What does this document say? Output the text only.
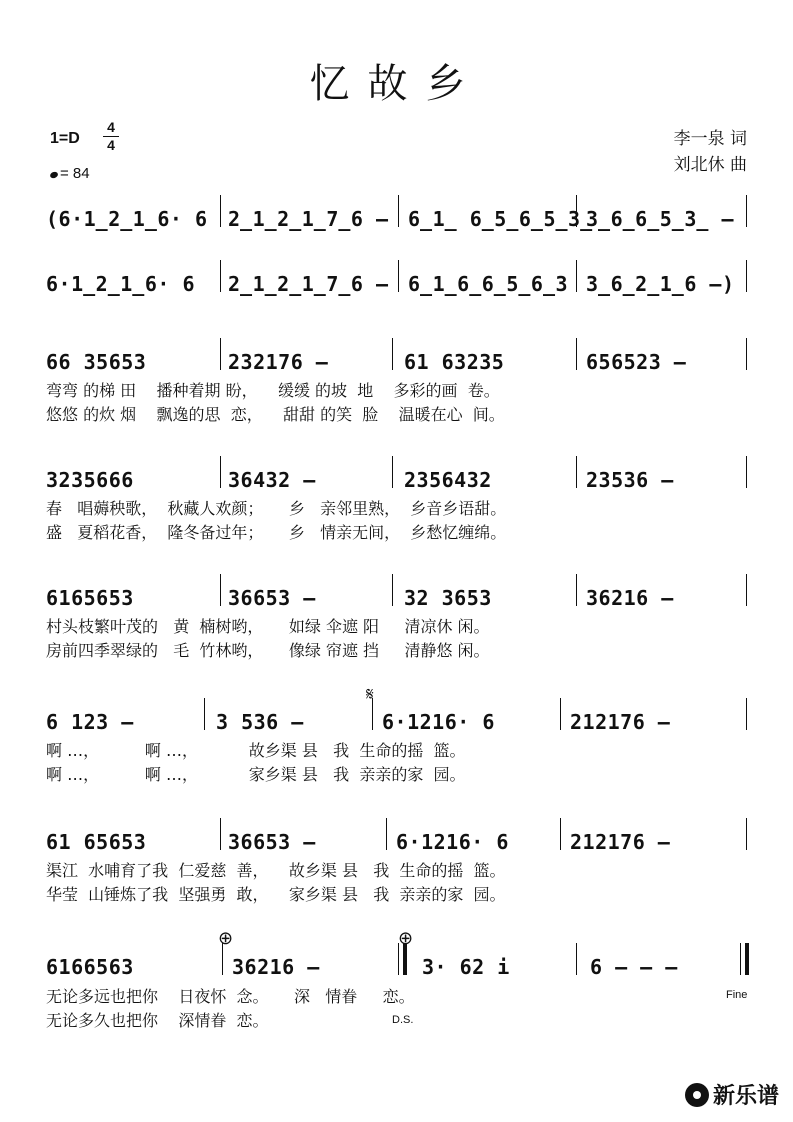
忆故乡
1=D
4
4
= 84
李一泉 词
刘北休 曲
(6·1̲2̲1̲6· 6 2̲1̲2̲1̲7̲6 – 6̲1̲ 6̲5̲6̲5̲3̲
3̲6̲6̲5̲3̲ –
6·1̲2̲1̲6· 6 2̲1̲2̲1̲7̲6 – 6̲1̲6̲6̲5̲6̲3 3̲6̲2̲1̲6 –)
66 35653	232176 –	61 63235	656523 –
弯弯 的梯 田    播种着期 盼，    缓缓 的坡  地    多彩的画  卷。
悠悠 的炊 烟    飘逸的思  恋，    甜甜 的笑  脸    温暖在心  间。
3235666	36432 –	2356432	23536 –
春   唱薅秧歌，  秋藏人欢颜；     乡   亲邻里熟，  乡音乡语甜。
盛   夏稻花香，  隆冬备过年；     乡   情亲无间，  乡愁忆缠绵。
6165653	36653 –	32 3653	36216 –
村头枝繁叶茂的   黄  楠树哟，     如绿 伞遮 阳     清凉休 闲。
房前四季翠绿的   毛  竹林哟，     像绿 帘遮 挡     清静悠 闲。
𝄋
6 123 –	3 536 –	6·1216· 6	212176 –
啊 …，         啊 …，          故乡渠 县   我  生命的摇  篮。
啊 …，         啊 …，          家乡渠 县   我  亲亲的家  园。
61 65653	36653 –	6·1216· 6	212176 –
渠江  水哺育了我  仁爱慈  善，    故乡渠 县   我  生命的摇  篮。
华莹  山锤炼了我  坚强勇  敢，    家乡渠 县   我  亲亲的家  园。
⊕	⊕
6166563	36216 –	3· 62 i	6 – – –
无论多远也把你    日夜怀  念。     深   情眷     恋。
无论多久也把你    深情眷  恋。
Fine
D.S.
新乐谱
